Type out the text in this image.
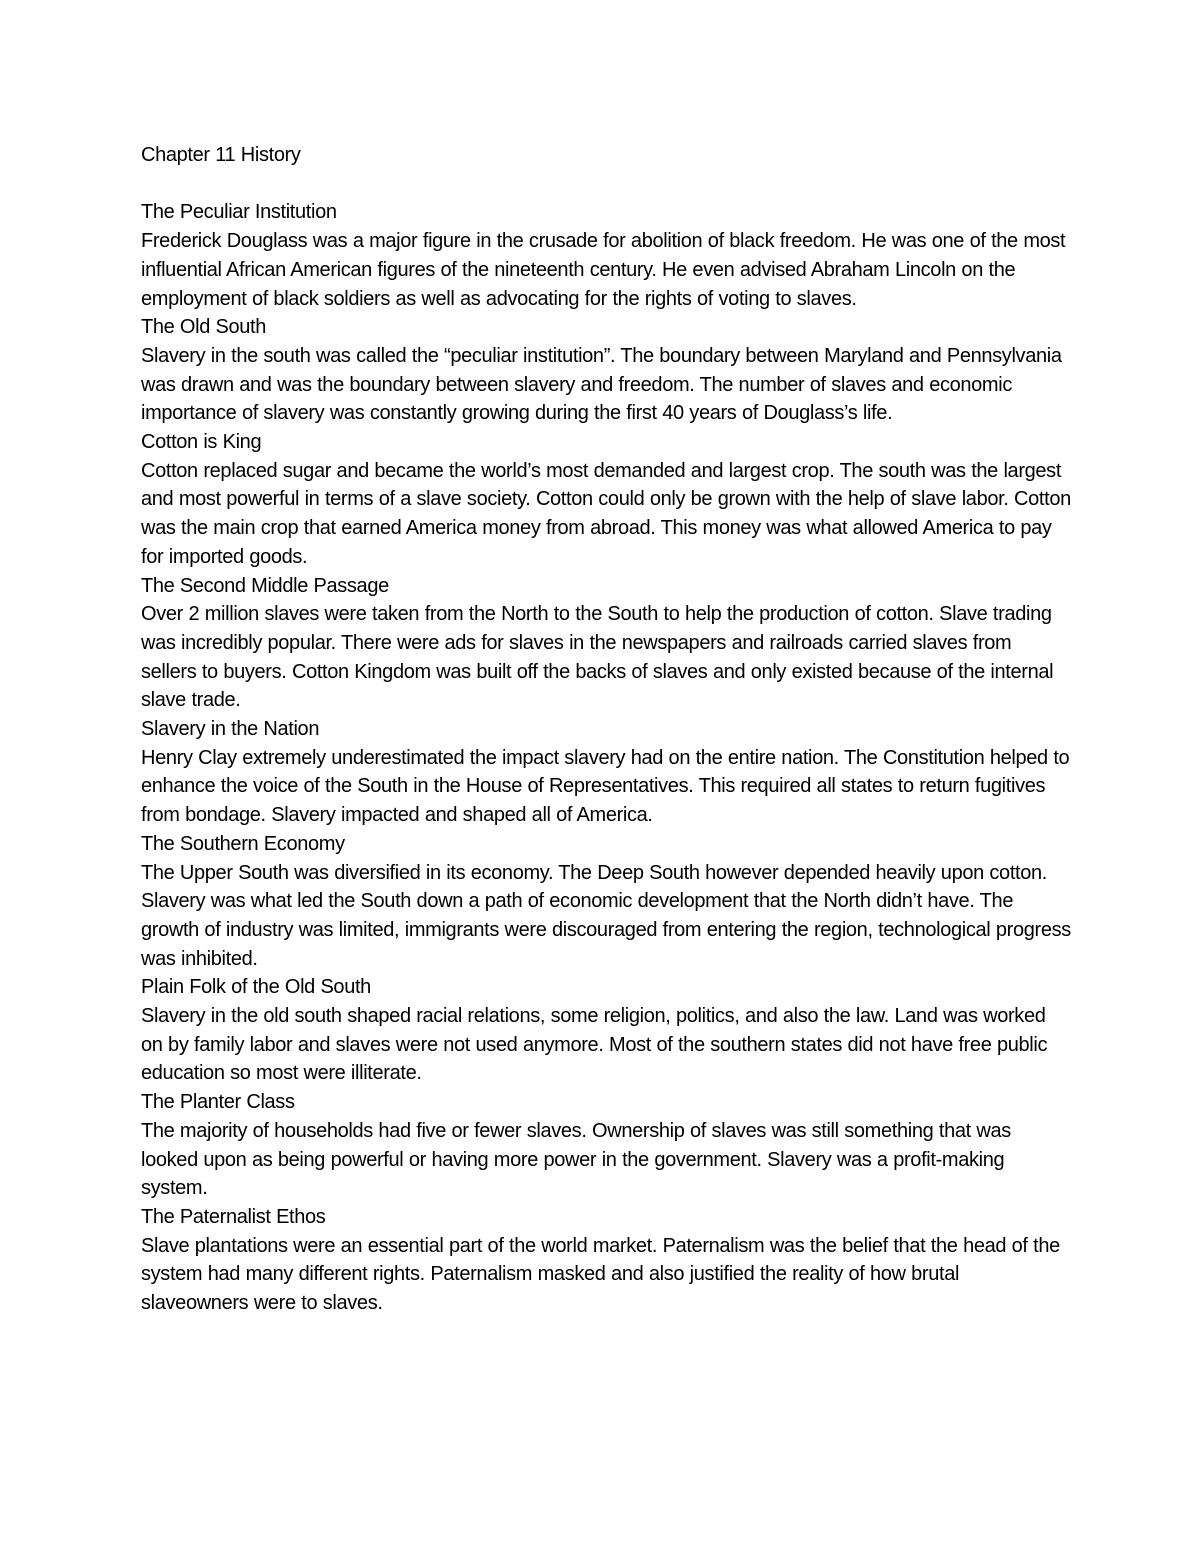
Chapter 11 History
The Peculiar Institution

Frederick Douglass was a major figure in the crusade for abolition of black freedom. He was one of the most influential African American figures of the nineteenth century. He even advised Abraham Lincoln on the employment of black soldiers as well as advocating for the rights of voting to slaves.

The Old South

Slavery in the south was called the “peculiar institution”. The boundary between Maryland and Pennsylvania was drawn and was the boundary between slavery and freedom. The number of slaves and economic importance of slavery was constantly growing during the first 40 years of Douglass’s life.

Cotton is King

Cotton replaced sugar and became the world’s most demanded and largest crop. The south was the largest and most powerful in terms of a slave society. Cotton could only be grown with the help of slave labor. Cotton was the main crop that earned America money from abroad. This money was what allowed America to pay for imported goods.

The Second Middle Passage

Over 2 million slaves were taken from the North to the South to help the production of cotton. Slave trading was incredibly popular. There were ads for slaves in the newspapers and railroads carried slaves from sellers to buyers. Cotton Kingdom was built off the backs of slaves and only existed because of the internal slave trade.

Slavery in the Nation

Henry Clay extremely underestimated the impact slavery had on the entire nation. The Constitution helped to enhance the voice of the South in the House of Representatives. This required all states to return fugitives from bondage. Slavery impacted and shaped all of America.

The Southern Economy

The Upper South was diversified in its economy. The Deep South however depended heavily upon cotton. Slavery was what led the South down a path of economic development that the North didn’t have. The growth of industry was limited, immigrants were discouraged from entering the region, technological progress was inhibited.

Plain Folk of the Old South

Slavery in the old south shaped racial relations, some religion, politics, and also the law. Land was worked on by family labor and slaves were not used anymore. Most of the southern states did not have free public education so most were illiterate.

The Planter Class

The majority of households had five or fewer slaves. Ownership of slaves was still something that was looked upon as being powerful or having more power in the government. Slavery was a profit-making system.

The Paternalist Ethos

Slave plantations were an essential part of the world market. Paternalism was the belief that the head of the system had many different rights. Paternalism masked and also justified the reality of how brutal slaveowners were to slaves.
